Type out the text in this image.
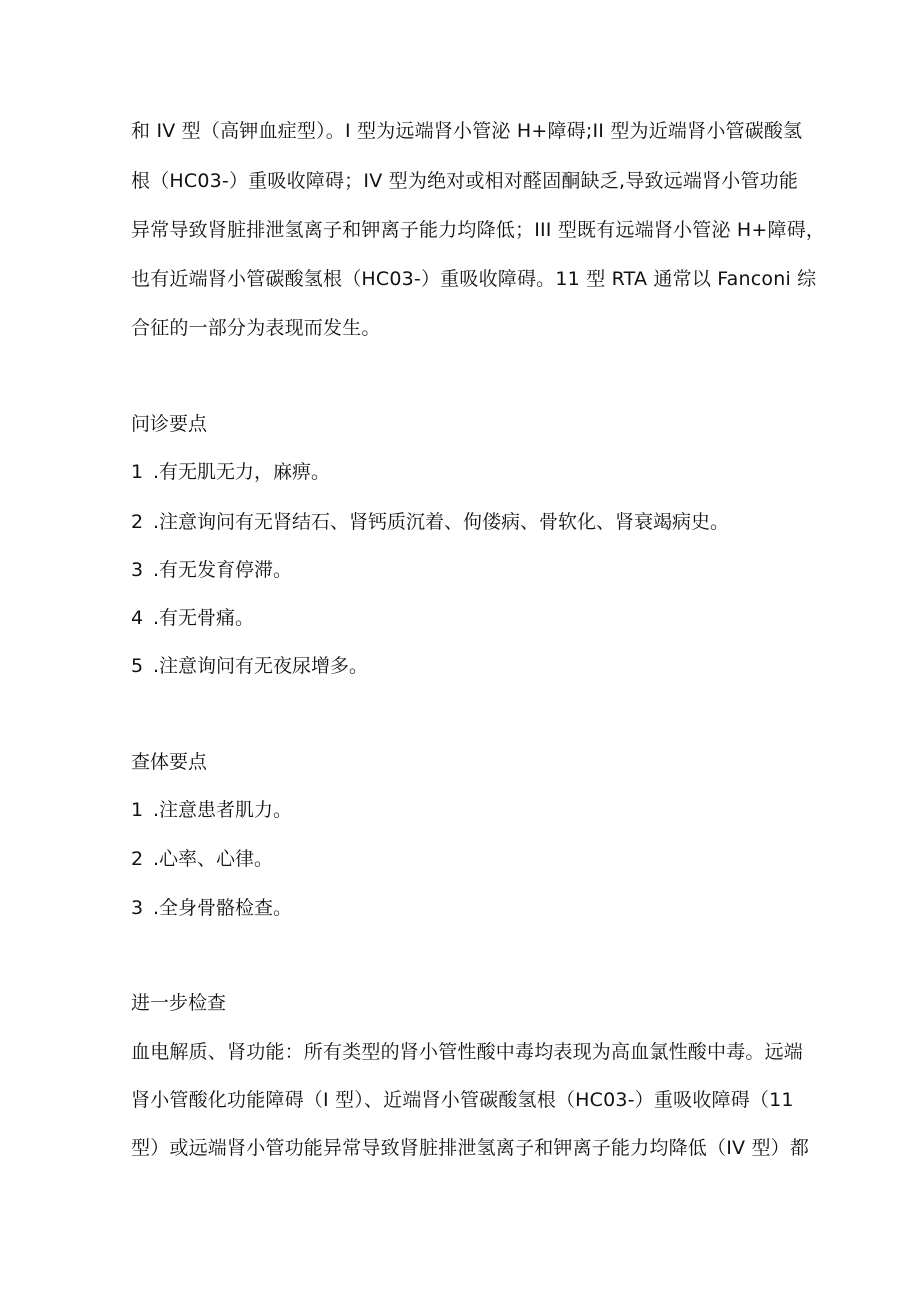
和 IV 型（高钾血症型）。I 型为远端肾小管泌 H+障碍;II 型为近端肾小管碳酸氢
根（HC03-）重吸收障碍；IV 型为绝对或相对醛固酮缺乏,导致远端肾小管功能
异常导致肾脏排泄氢离子和钾离子能力均降低；III 型既有远端肾小管泌 H+障碍，
也有近端肾小管碳酸氢根（HC03-）重吸收障碍。11 型 RTA 通常以 Fanconi 综
合征的一部分为表现而发生。
问诊要点
1 .有无肌无力，麻痹。
2 .注意询问有无肾结石、肾钙质沉着、佝偻病、骨软化、肾衰竭病史。
3 .有无发育停滞。
4 .有无骨痛。
5 .注意询问有无夜尿增多。
查体要点
1 .注意患者肌力。
2 .心率、心律。
3 .全身骨骼检查。
进一步检查
血电解质、肾功能：所有类型的肾小管性酸中毒均表现为高血氯性酸中毒。远端
肾小管酸化功能障碍（I 型）、近端肾小管碳酸氢根（HC03-）重吸收障碍（11
型）或远端肾小管功能异常导致肾脏排泄氢离子和钾离子能力均降低（IV 型）都
